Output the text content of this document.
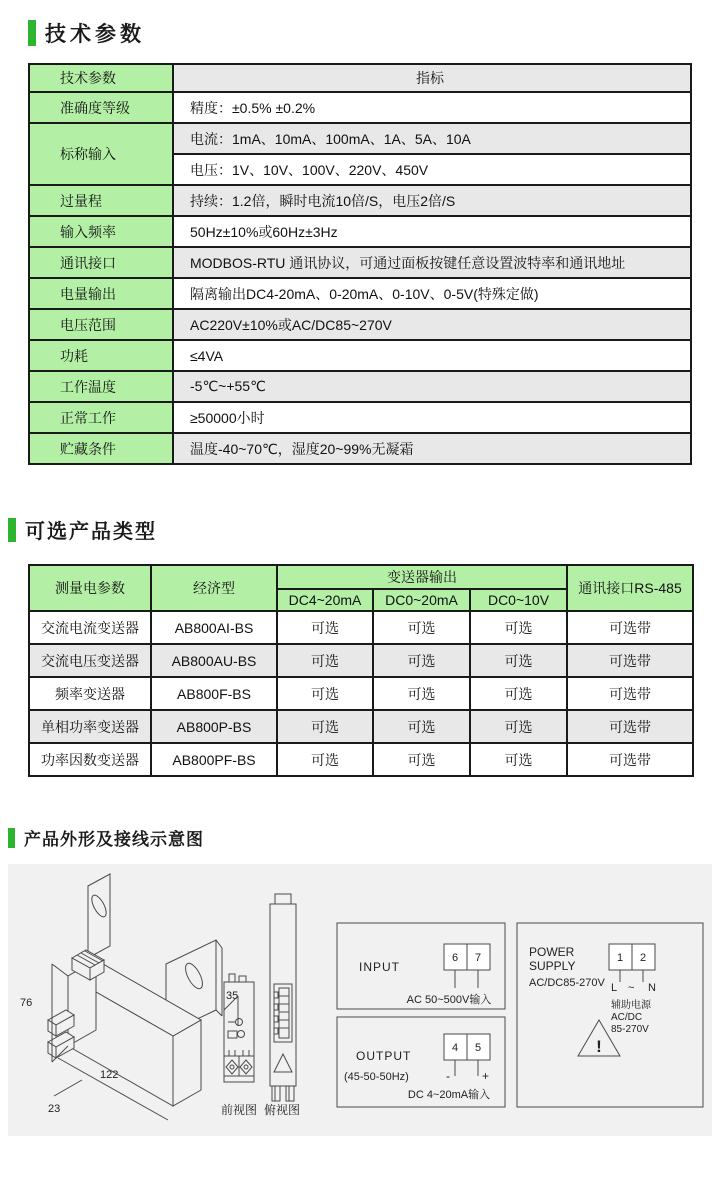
技术参数
技术参数	指标
准确度等级	精度：±0.5% ±0.2%
标称输入	电流：1mA、10mA、100mA、1A、5A、10A
	电压：1V、10V、100V、220V、450V
过量程	持续：1.2倍，瞬时电流10倍/S，电压2倍/S
输入频率	50Hz±10%或60Hz±3Hz
通讯接口	MODBOS-RTU 通讯协议，可通过面板按键任意设置波特率和通讯地址
电量输出	隔离输出DC4-20mA、0-20mA、0-10V、0-5V(特殊定做)
电压范围	AC220V±10%或AC/DC85~270V
功耗	≤4VA
工作温度	-5℃~+55℃
正常工作	≥50000小时
贮藏条件	温度-40~70℃，湿度20~99%无凝霜
可选产品类型
测量电参数	经济型	变送器输出			通讯接口RS-485
		DC4~20mA	DC0~20mA	DC0~10V	
交流电流变送器	AB800AI-BS	可选	可选	可选	可选带
交流电压变送器	AB800AU-BS	可选	可选	可选	可选带
频率变送器	AB800F-BS	可选	可选	可选	可选带
单相功率变送器	AB800P-BS	可选	可选	可选	可选带
功率因数变送器	AB800PF-BS	可选	可选	可选	可选带
产品外形及接线示意图
76
35
122
23	前视图 俯视图
INPUT
6 7
AC 50~500V输入
OUTPUT
(45-50-50Hz)
4 5
-	+
DC 4~20mA输入
POWER
SUPPLY
AC/DC85-270V
1 2
L ~ N
辅助电源
AC/DC
85-270V
!
